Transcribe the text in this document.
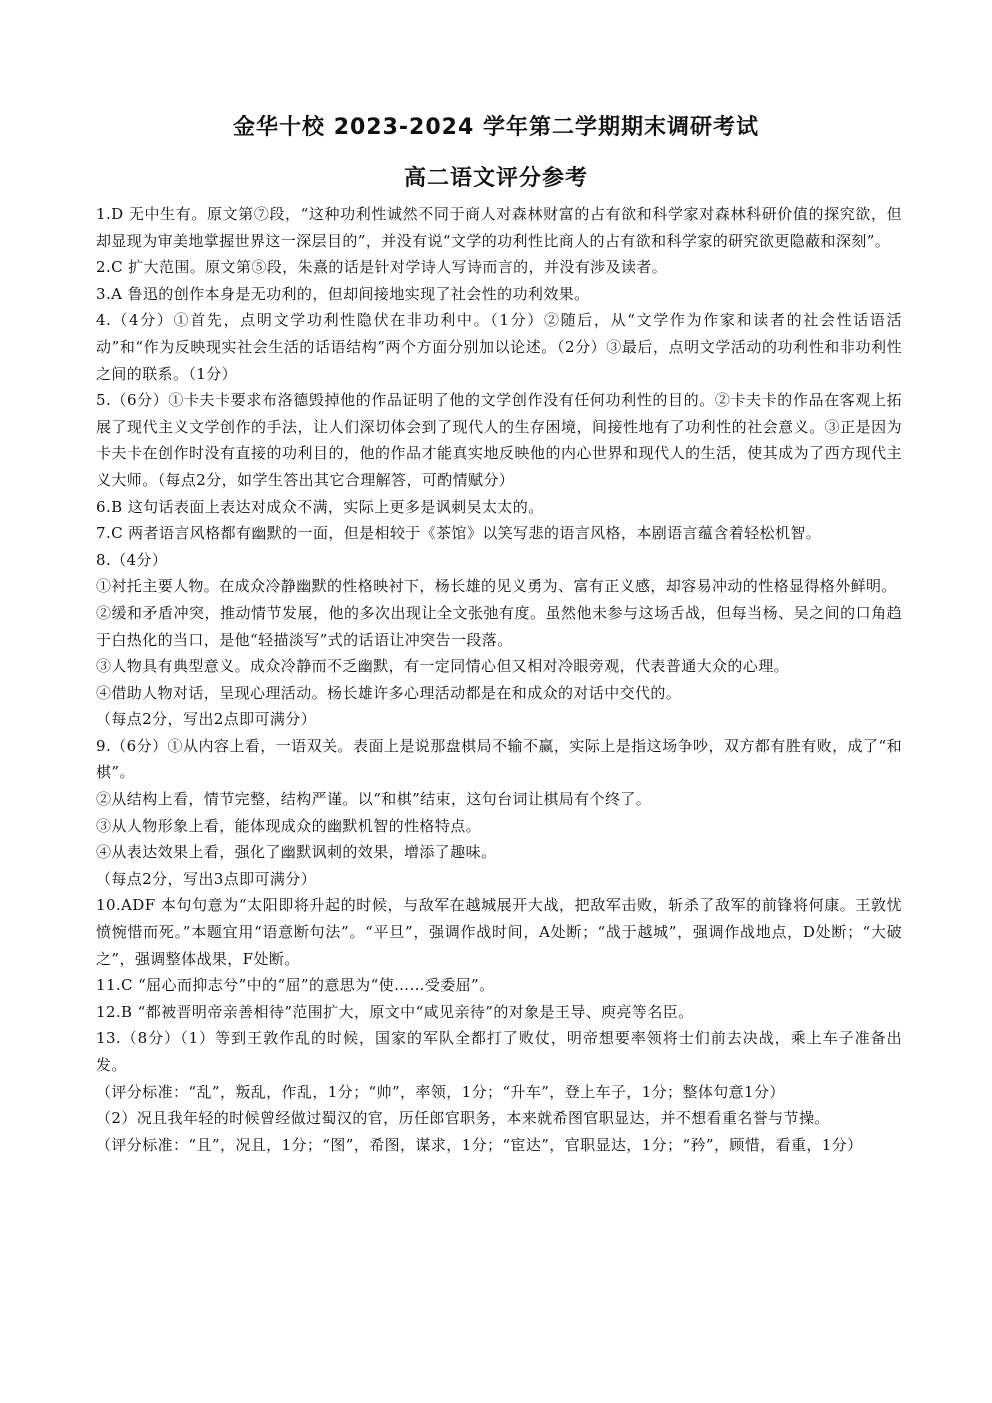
金华十校 2023-2024 学年第二学期期末调研考试
高二语文评分参考

1.D 无中生有。原文第⑦段，“这种功利性诚然不同于商人对森林财富的占有欲和科学家对森林科研价值的探究欲，但却显现为审美地掌握世界这一深层目的”，并没有说“文学的功利性比商人的占有欲和科学家的研究欲更隐蔽和深刻”。

2.C 扩大范围。原文第⑤段，朱熹的话是针对学诗人写诗而言的，并没有涉及读者。

3.A 鲁迅的创作本身是无功利的，但却间接地实现了社会性的功利效果。

4.（4分）①首先，点明文学功利性隐伏在非功利中。（1分）②随后，从“文学作为作家和读者的社会性话语活动”和“作为反映现实社会生活的话语结构”两个方面分别加以论述。（2分）③最后，点明文学活动的功利性和非功利性之间的联系。（1分）

5.（6分）①卡夫卡要求布洛德毁掉他的作品证明了他的文学创作没有任何功利性的目的。②卡夫卡的作品在客观上拓展了现代主义文学创作的手法，让人们深切体会到了现代人的生存困境，间接性地有了功利性的社会意义。③正是因为卡夫卡在创作时没有直接的功利目的，他的作品才能真实地反映他的内心世界和现代人的生活，使其成为了西方现代主义大师。（每点2分，如学生答出其它合理解答，可酌情赋分）

6.B 这句话表面上表达对成众不满，实际上更多是讽刺吴太太的。

7.C 两者语言风格都有幽默的一面，但是相较于《茶馆》以笑写悲的语言风格，本剧语言蕴含着轻松机智。

8.（4分）

①衬托主要人物。在成众冷静幽默的性格映衬下，杨长雄的见义勇为、富有正义感，却容易冲动的性格显得格外鲜明。

②缓和矛盾冲突，推动情节发展，他的多次出现让全文张弛有度。虽然他未参与这场舌战，但每当杨、吴之间的口角趋于白热化的当口，是他“轻描淡写”式的话语让冲突告一段落。

③人物具有典型意义。成众冷静而不乏幽默，有一定同情心但又相对冷眼旁观，代表普通大众的心理。

④借助人物对话，呈现心理活动。杨长雄许多心理活动都是在和成众的对话中交代的。

（每点2分，写出2点即可满分）

9.（6分）①从内容上看，一语双关。表面上是说那盘棋局不输不赢，实际上是指这场争吵，双方都有胜有败，成了“和棋”。

②从结构上看，情节完整，结构严谨。以“和棋”结束，这句台词让棋局有个终了。

③从人物形象上看，能体现成众的幽默机智的性格特点。

④从表达效果上看，强化了幽默讽刺的效果，增添了趣味。

（每点2分，写出3点即可满分）

10.ADF 本句句意为“太阳即将升起的时候，与敌军在越城展开大战，把敌军击败，斩杀了敌军的前锋将何康。王敦忧愤惋惜而死。”本题宜用“语意断句法”。“平旦”，强调作战时间，A处断；“战于越城”，强调作战地点，D处断；“大破之”，强调整体战果，F处断。

11.C “屈心而抑志兮”中的“屈”的意思为“使……受委屈”。

12.B “都被晋明帝亲善相待”范围扩大，原文中“咸见亲待”的对象是王导、庾亮等名臣。

13.（8分）（1）等到王敦作乱的时候，国家的军队全都打了败仗，明帝想要率领将士们前去决战，乘上车子准备出发。

（评分标准：“乱”，叛乱，作乱，1分；“帅”，率领，1分；“升车”，登上车子，1分；整体句意1分）

（2）况且我年轻的时候曾经做过蜀汉的官，历任郎官职务，本来就希图官职显达，并不想看重名誉与节操。

（评分标准：“且”，况且，1分；“图”，希图，谋求，1分；“宦达”，官职显达，1分；“矜”，顾惜，看重，1分）
